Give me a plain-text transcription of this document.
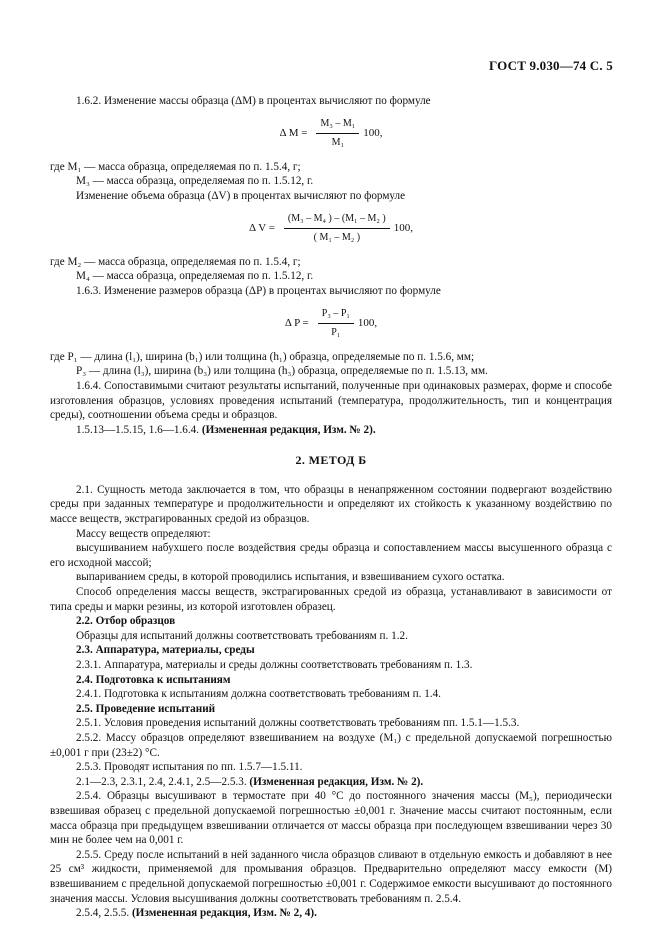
ГОСТ 9.030—74 С. 5

1.6.2. Изменение массы образца (ΔM) в процентах вычисляют по формуле

Δ $M = \frac{\text{M₃ – M₁}}{\text{M₁}} 100$,

где M₁ — масса образца, определяемая по п. 1.5.4, г;

M₃ — масса образца, определяемая по п. 1.5.12, г.

Изменение объема образца (ΔV) в процентах вычисляют по формуле

Δ $V = \frac{\text{(M₃ – M₄ ) – (M₁ – M₂ )}}{\text{( M₁ – M₂ )}} 100$,

где M₂ — масса образца, определяемая по п. 1.5.4, г;

M₄ — масса образца, определяемая по п. 1.5.12, г.

1.6.3. Изменение размеров образца (ΔP) в процентах вычисляют по формуле

Δ $P = \frac{\text{P₃ – P₁}}{\text{P₁}} 100$,

где P₁ — длина (l₁), ширина (b₁) или толщина (h₁) образца, определяемые по п. 1.5.6, мм;

P₃ — длина (l₃), ширина (b₃) или толщина (h₃) образца, определяемые по п. 1.5.13, мм.

1.6.4. Сопоставимыми считают результаты испытаний, полученные при одинаковых размерах, форме и способе изготовления образцов, условиях проведения испытаний (температура, продолжительность, тип и концентрация среды), соотношении объема среды и образцов.

1.5.13—1.5.15, 1.6—1.6.4. (Измененная редакция, Изм. № 2).

2. МЕТОД Б

2.1. Сущность метода заключается в том, что образцы в ненапряженном состоянии подвергают воздействию среды при заданных температуре и продолжительности и определяют их стойкость к указанному воздействию по массе веществ, экстрагированных средой из образцов.

Массу веществ определяют:

высушиванием набухшего после воздействия среды образца и сопоставлением массы высушенного образца с его исходной массой;

выпариванием среды, в которой проводились испытания, и взвешиванием сухого остатка.

Способ определения массы веществ, экстрагированных средой из образца, устанавливают в зависимости от типа среды и марки резины, из которой изготовлен образец.

2.2. Отбор образцов

Образцы для испытаний должны соответствовать требованиям п. 1.2.

2.3. Аппаратура, материалы, среды

2.3.1. Аппаратура, материалы и среды должны соответствовать требованиям п. 1.3.

2.4. Подготовка к испытаниям

2.4.1. Подготовка к испытаниям должна соответствовать требованиям п. 1.4.

2.5. Проведение испытаний

2.5.1. Условия проведения испытаний должны соответствовать требованиям пп. 1.5.1—1.5.3.

2.5.2. Массу образцов определяют взвешиванием на воздухе (M₁) с предельной допускаемой погрешностью ±0,001 г при (23±2) °С.

2.5.3. Проводят испытания по пп. 1.5.7—1.5.11.

2.1—2.3, 2.3.1, 2.4, 2.4.1, 2.5—2.5.3. (Измененная редакция, Изм. № 2).

2.5.4. Образцы высушивают в термостате при 40 °С до постоянного значения массы (M₅), периодически взвешивая образец с предельной допускаемой погрешностью ±0,001 г. Значение массы считают постоянным, если масса образца при предыдущем взвешивании отличается от массы образца при последующем взвешивании через 30 мин не более чем на 0,001 г.

2.5.5. Среду после испытаний в ней заданного числа образцов сливают в отдельную емкость и добавляют в нее 25 см³ жидкости, применяемой для промывания образцов. Предварительно определяют массу емкости (M) взвешиванием с предельной допускаемой погрешностью ±0,001 г. Содержимое емкости высушивают до постоянного значения массы. Условия высушивания должны соответствовать требованиям п. 2.5.4.

2.5.4, 2.5.5. (Измененная редакция, Изм. № 2, 4).
